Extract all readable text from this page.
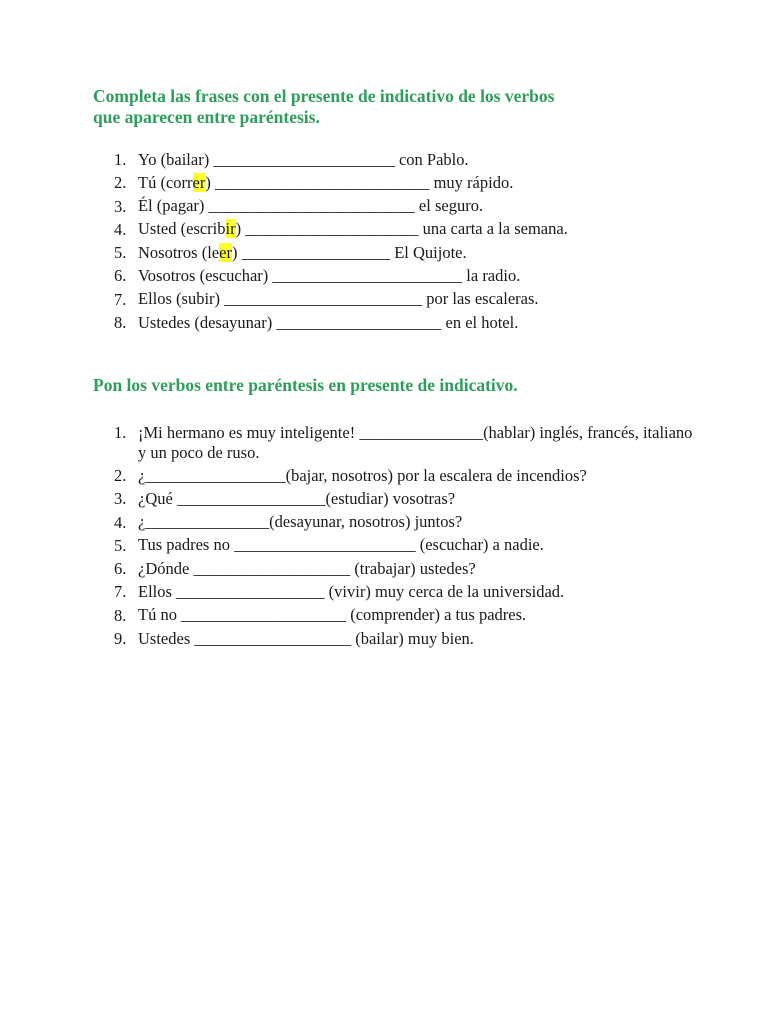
Completa las frases con el presente de indicativo de los verbos
que aparecen entre paréntesis.
1. Yo (bailar) ______________________ con Pablo.
2. Tú (correr) __________________________ muy rápido.
3. Él (pagar) _________________________ el seguro.
4. Usted (escribir) _____________________ una carta a la semana.
5. Nosotros (leer) __________________ El Quijote.
6. Vosotros (escuchar) _______________________ la radio.
7. Ellos (subir) ________________________ por las escaleras.
8. Ustedes (desayunar) ____________________ en el hotel.
Pon los verbos entre paréntesis en presente de indicativo.
1. ¡Mi hermano es muy inteligente! _______________(hablar) inglés, francés, italiano y un poco de ruso.
2. ¿_________________(bajar, nosotros) por la escalera de incendios?
3. ¿Qué __________________(estudiar) vosotras?
4. ¿_______________(desayunar, nosotros) juntos?
5. Tus padres no ______________________ (escuchar) a nadie.
6. ¿Dónde ___________________ (trabajar) ustedes?
7. Ellos __________________ (vivir) muy cerca de la universidad.
8. Tú no ____________________ (comprender) a tus padres.
9. Ustedes ___________________ (bailar) muy bien.
